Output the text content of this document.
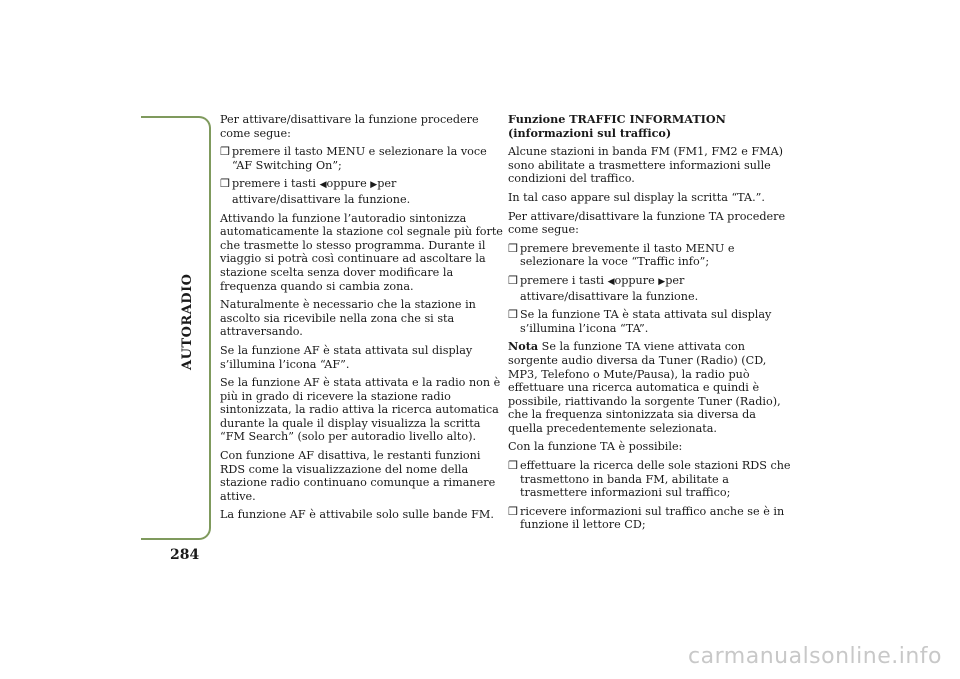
AUTORADIO
284

Per attivare/disattivare la funzione procedere come segue:

❒ premere il tasto MENU e selezionare la voce “AF Switching On”;
❒ premere i tasti ◀oppure ▶per attivare/disattivare la funzione.

Attivando la funzione l’autoradio sintonizza automaticamente la stazione col segnale più forte che trasmette lo stesso programma. Durante il viaggio si potrà così continuare ad ascoltare la stazione scelta senza dover modificare la frequenza quando si cambia zona.

Naturalmente è necessario che la stazione in ascolto sia ricevibile nella zona che si sta attraversando.

Se la funzione AF è stata attivata sul display s’illumina l’icona “AF”.

Se la funzione AF è stata attivata e la radio non è più in grado di ricevere la stazione radio sintonizzata, la radio attiva la ricerca automatica durante la quale il display visualizza la scritta “FM Search” (solo per autoradio livello alto).

Con funzione AF disattiva, le restanti funzioni RDS come la visualizzazione del nome della stazione radio continuano comunque a rimanere attive.

La funzione AF è attivabile solo sulle bande FM.

Funzione TRAFFIC INFORMATION (informazioni sul traffico)

Alcune stazioni in banda FM (FM1, FM2 e FMA) sono abilitate a trasmettere informazioni sulle condizioni del traffico.

In tal caso appare sul display la scritta “TA.”.

Per attivare/disattivare la funzione TA procedere come segue:

❒ premere brevemente il tasto MENU e selezionare la voce “Traffic info”;
❒ premere i tasti ◀oppure ▶per attivare/disattivare la funzione.
❒ Se la funzione TA è stata attivata sul display s’illumina l’icona “TA”.

Nota Se la funzione TA viene attivata con sorgente audio diversa da Tuner (Radio) (CD, MP3, Telefono o Mute/Pausa), la radio può effettuare una ricerca automatica e quindi è possibile, riattivando la sorgente Tuner (Radio), che la frequenza sintonizzata sia diversa da quella precedentemente selezionata.

Con la funzione TA è possibile:

❒ effettuare la ricerca delle sole stazioni RDS che trasmettono in banda FM, abilitate a trasmettere informazioni sul traffico;
❒ ricevere informazioni sul traffico anche se è in funzione il lettore CD;
carmanualsonline.info
